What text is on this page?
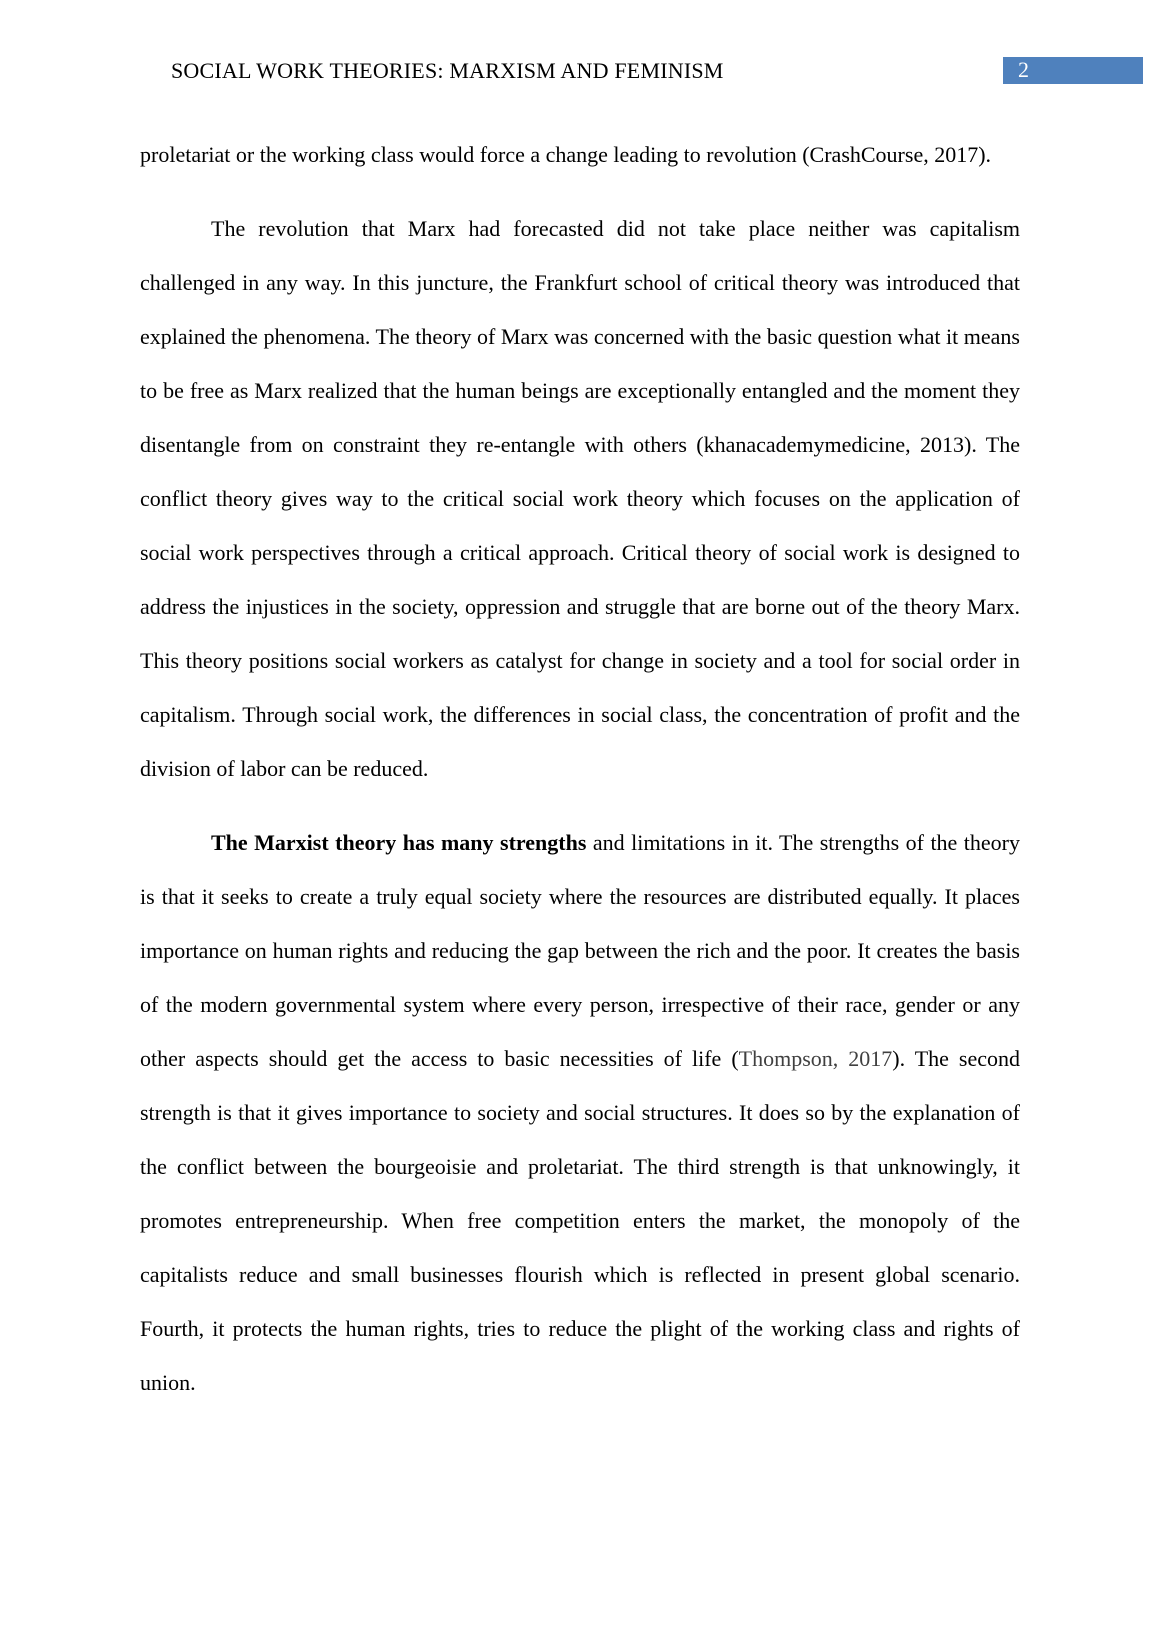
SOCIAL WORK THEORIES: MARXISM AND FEMINISM	2

proletariat or the working class would force a change leading to revolution (CrashCourse, 2017).

The revolution that Marx had forecasted did not take place neither was capitalism challenged in any way. In this juncture, the Frankfurt school of critical theory was introduced that explained the phenomena. The theory of Marx was concerned with the basic question what it means to be free as Marx realized that the human beings are exceptionally entangled and the moment they disentangle from on constraint they re-entangle with others (khanacademymedicine, 2013). The conflict theory gives way to the critical social work theory which focuses on the application of social work perspectives through a critical approach. Critical theory of social work is designed to address the injustices in the society, oppression and struggle that are borne out of the theory Marx. This theory positions social workers as catalyst for change in society and a tool for social order in capitalism. Through social work, the differences in social class, the concentration of profit and the division of labor can be reduced.

The Marxist theory has many strengths and limitations in it. The strengths of the theory is that it seeks to create a truly equal society where the resources are distributed equally. It places importance on human rights and reducing the gap between the rich and the poor. It creates the basis of the modern governmental system where every person, irrespective of their race, gender or any other aspects should get the access to basic necessities of life (Thompson, 2017). The second strength is that it gives importance to society and social structures. It does so by the explanation of the conflict between the bourgeoisie and proletariat. The third strength is that unknowingly, it promotes entrepreneurship. When free competition enters the market, the monopoly of the capitalists reduce and small businesses flourish which is reflected in present global scenario. Fourth, it protects the human rights, tries to reduce the plight of the working class and rights of union.
